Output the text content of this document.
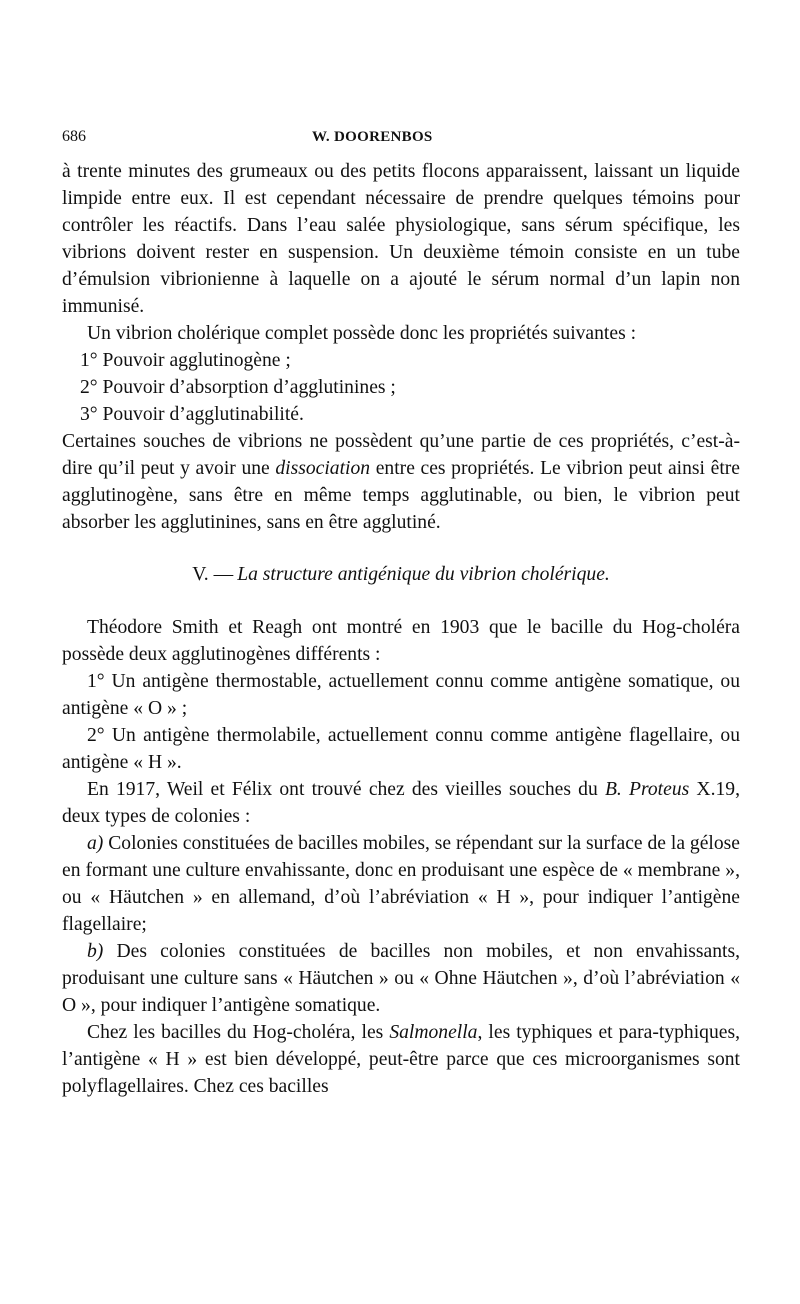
686	W. DOORENBOS

à trente minutes des grumeaux ou des petits flocons apparaissent, laissant un liquide limpide entre eux. Il est cependant nécessaire de prendre quelques témoins pour contrôler les réactifs. Dans l’eau salée physiologique, sans sérum spécifique, les vibrions doivent rester en suspension. Un deuxième témoin consiste en un tube d’émulsion vibrionienne à laquelle on a ajouté le sérum normal d’un lapin non immunisé.

Un vibrion cholérique complet possède donc les propriétés suivantes :

1° Pouvoir agglutinogène ;

2° Pouvoir d’absorption d’agglutinines ;

3° Pouvoir d’agglutinabilité.

Certaines souches de vibrions ne possèdent qu’une partie de ces propriétés, c’est-à-dire qu’il peut y avoir une dissociation entre ces propriétés. Le vibrion peut ainsi être agglutinogène, sans être en même temps agglutinable, ou bien, le vibrion peut absorber les agglutinines, sans en être agglutiné.

V. — La structure antigénique du vibrion cholérique.

Théodore Smith et Reagh ont montré en 1903 que le bacille du Hog-choléra possède deux agglutinogènes différents :

1° Un antigène thermostable, actuellement connu comme antigène somatique, ou antigène « O » ;

2° Un antigène thermolabile, actuellement connu comme antigène flagellaire, ou antigène « H ».

En 1917, Weil et Félix ont trouvé chez des vieilles souches du B. Proteus X.19, deux types de colonies :

a) Colonies constituées de bacilles mobiles, se répendant sur la surface de la gélose en formant une culture envahissante, donc en produisant une espèce de « membrane », ou « Häutchen » en allemand, d’où l’abréviation « H », pour indiquer l’antigène flagellaire;

b) Des colonies constituées de bacilles non mobiles, et non envahissants, produisant une culture sans « Häutchen » ou « Ohne Häutchen », d’où l’abréviation « O », pour indiquer l’antigène somatique.

Chez les bacilles du Hog-choléra, les Salmonella, les typhiques et para-typhiques, l’antigène « H » est bien développé, peut-être parce que ces microorganismes sont polyflagellaires. Chez ces bacilles
